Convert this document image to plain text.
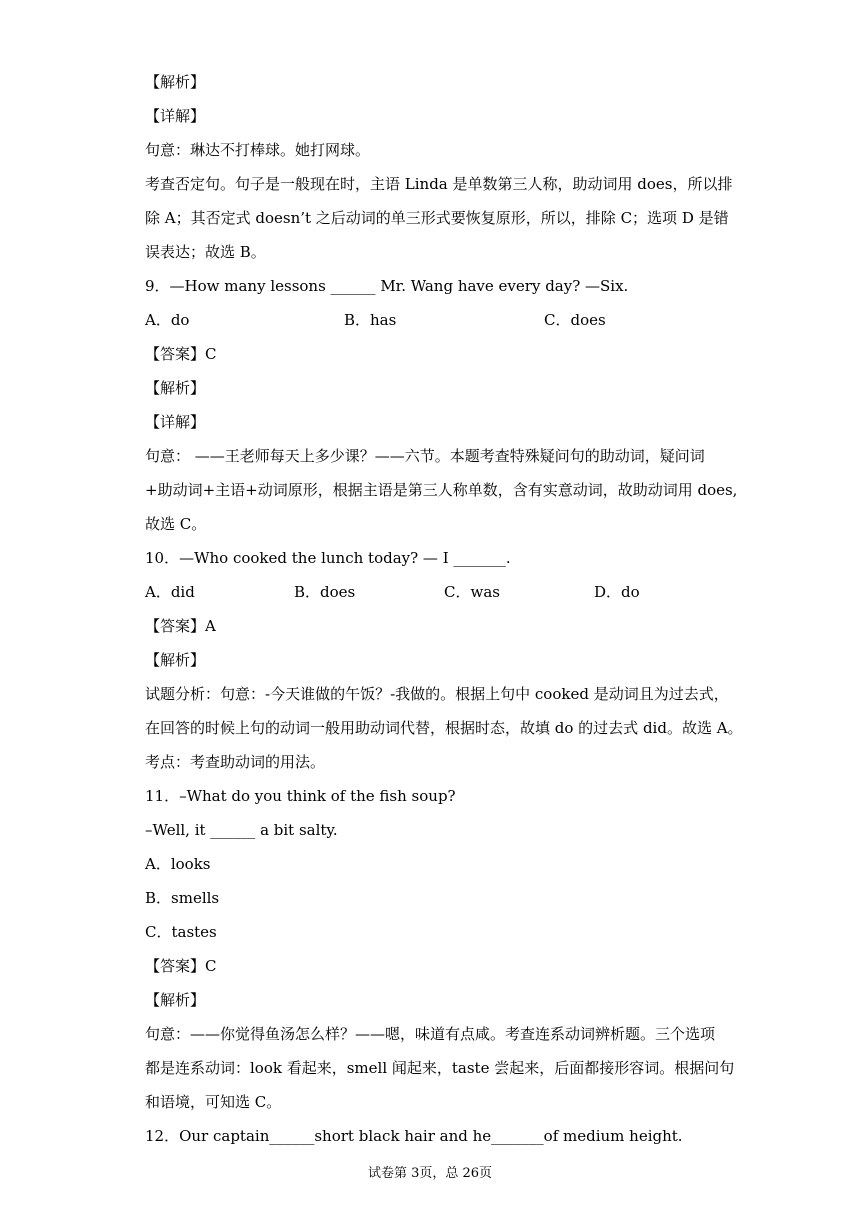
【解析】
【详解】
句意：琳达不打棒球。她打网球。
考查否定句。句子是一般现在时，主语 Linda 是单数第三人称，助动词用 does，所以排
除 A；其否定式 doesn’t 之后动词的单三形式要恢复原形，所以，排除 C；选项 D 是错
误表达；故选 B。
9．—How many lessons ______ Mr. Wang have every day? —Six.
A．do	B．has	C．does
【答案】C
【解析】
【详解】
句意： ——王老师每天上多少课？——六节。本题考查特殊疑问句的助动词，疑问词
+助动词+主语+动词原形，根据主语是第三人称单数，含有实意动词，故助动词用 does,
故选 C。
10．—Who cooked the lunch today? — I _______.
A．did	B．does	C．was	D．do
【答案】A
【解析】
试题分析：句意：-今天谁做的午饭？-我做的。根据上句中 cooked 是动词且为过去式，
在回答的时候上句的动词一般用助动词代替，根据时态，故填 do 的过去式 did。故选 A。
考点：考查助动词的用法。
11．–What do you think of the fish soup?
–Well, it ______ a bit salty.
A．looks
B．smells
C．tastes
【答案】C
【解析】
句意：——你觉得鱼汤怎么样？——嗯，味道有点咸。考查连系动词辨析题。三个选项
都是连系动词：look 看起来，smell 闻起来，taste 尝起来，后面都接形容词。根据问句
和语境，可知选 C。
12．Our captain______short black hair and he_______of medium height.
试卷第 3页，总 26页
